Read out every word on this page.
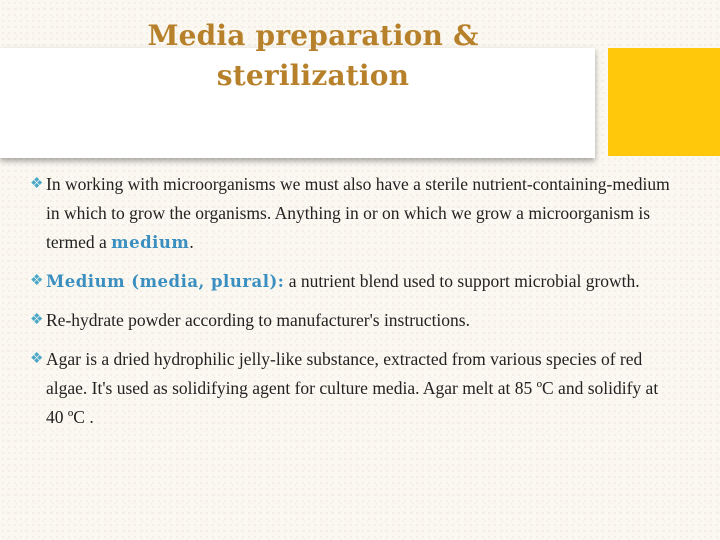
Media preparation &
sterilization
❖ In working with microorganisms we must also have a sterile nutrient-containing-medium in which to grow the organisms. Anything in or on which we grow a microorganism is termed a medium.
❖ Medium (media, plural): a nutrient blend used to support microbial growth.
❖ Re-hydrate powder according to manufacturer's instructions.
❖ Agar is a dried hydrophilic jelly-like substance, extracted from various species of red algae. It's used as solidifying agent for culture media. Agar melt at 85 ºC and solidify at 40 ºC .
